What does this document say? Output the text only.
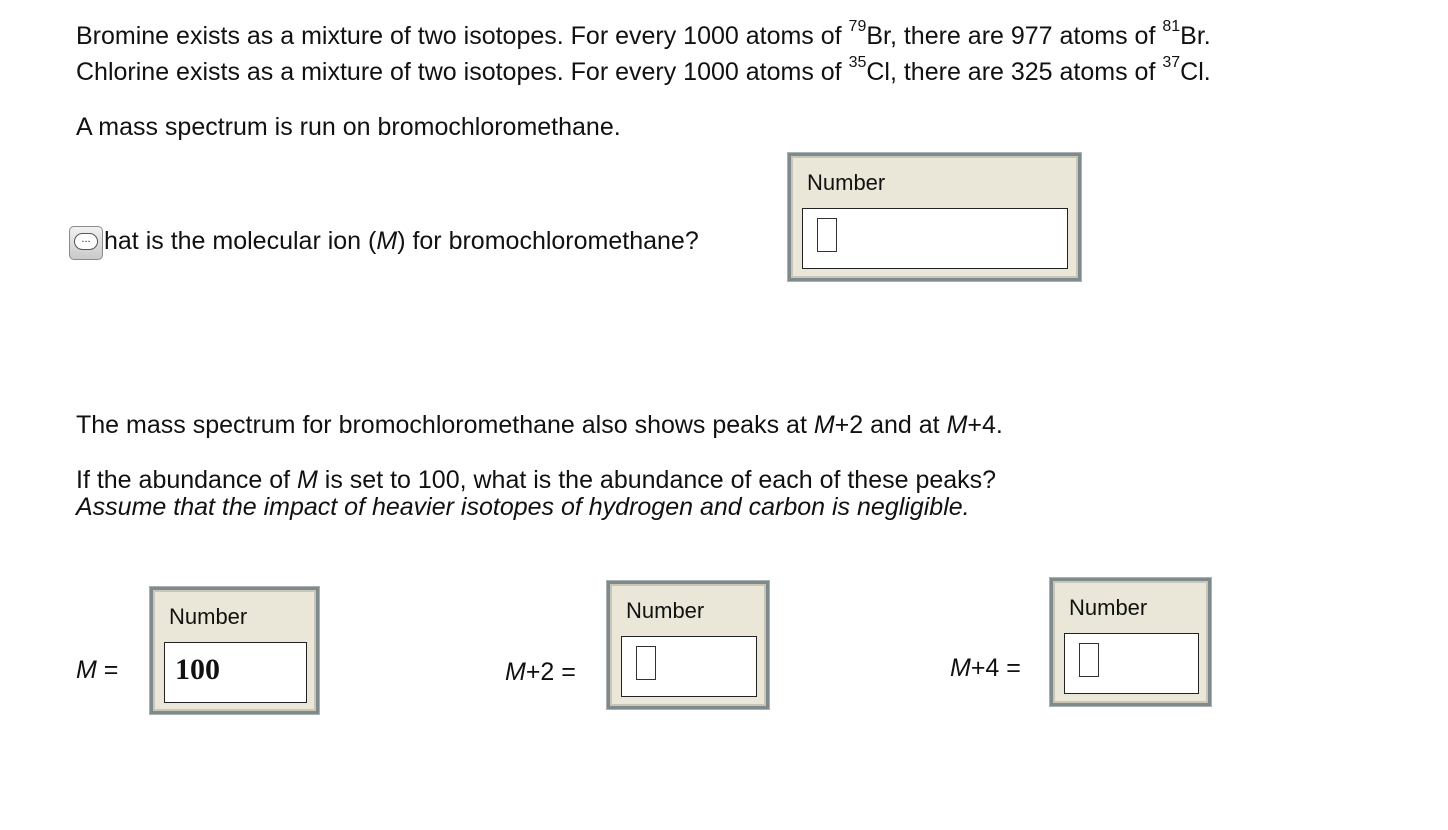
Bromine exists as a mixture of two isotopes. For every 1000 atoms of $^{79}$Br, there are 977 atoms of $^{81}$Br.
Chlorine exists as a mixture of two isotopes. For every 1000 atoms of $^{35}$Cl, there are 325 atoms of $^{37}$Cl.
A mass spectrum is run on bromochloromethane.
... hat is the molecular ion (M) for bromochloromethane?
Number
The mass spectrum for bromochloromethane also shows peaks at M+2 and at M+4.
If the abundance of M is set to 100, what is the abundance of each of these peaks?
Assume that the impact of heavier isotopes of hydrogen and carbon is negligible.
M =
Number
100	M+2 =
Number
M+4 =
Number
